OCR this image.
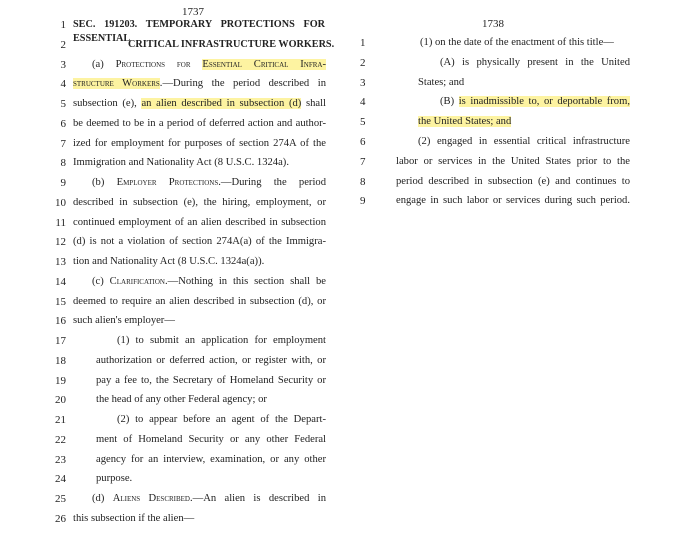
1737
1 SEC. 191203. TEMPORARY PROTECTIONS FOR ESSENTIAL
2	CRITICAL INFRASTRUCTURE WORKERS.
3 (a) Protections for Essential Critical Infra-
4 structure Workers.—During the period described in
5 subsection (e), an alien described in subsection (d) shall
6 be deemed to be in a period of deferred action and author-
7 ized for employment for purposes of section 274A of the
8 Immigration and Nationality Act (8 U.S.C. 1324a).
9 (b) Employer Protections.—During the period
10 described in subsection (e), the hiring, employment, or
11 continued employment of an alien described in subsection
12 (d) is not a violation of section 274A(a) of the Immigra-
13 tion and Nationality Act (8 U.S.C. 1324a(a)).
14 (c) Clarification.—Nothing in this section shall be
15 deemed to require an alien described in subsection (d), or
16 such alien's employer—
17	(1) to submit an application for employment
18	authorization or deferred action, or register with, or
19	pay a fee to, the Secretary of Homeland Security or
20	the head of any other Federal agency; or
21	(2) to appear before an agent of the Depart-
22	ment of Homeland Security or any other Federal
23	agency for an interview, examination, or any other
24	purpose.
25 (d) Aliens Described.—An alien is described in
26 this subsection if the alien—
1738
1	(1) on the date of the enactment of this title—
2	(A) is physically present in the United
3	States; and
4	(B) is inadmissible to, or deportable from,
5	the United States; and
6	(2) engaged in essential critical infrastructure
7	labor or services in the United States prior to the
8	period described in subsection (e) and continues to
9	engage in such labor or services during such period.
